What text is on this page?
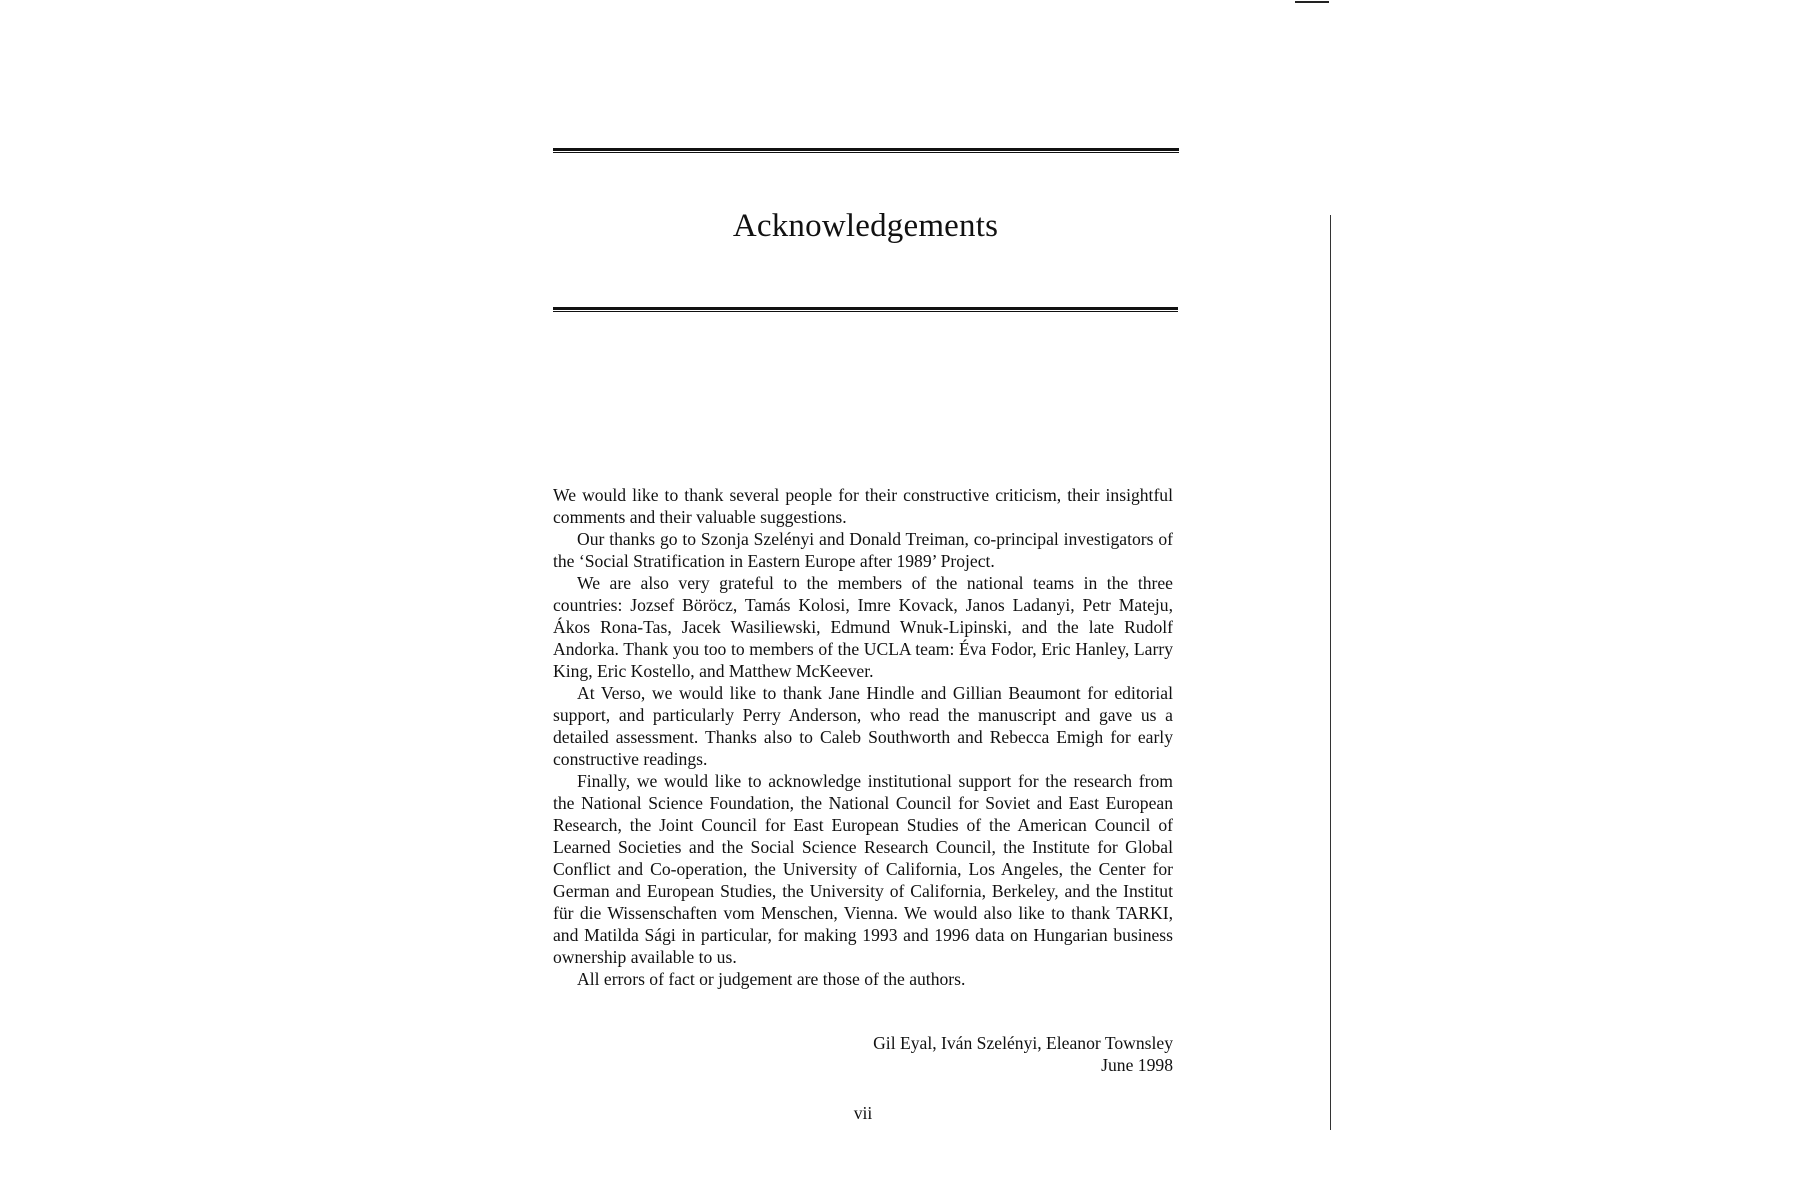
Acknowledgements

We would like to thank several people for their constructive criticism, their insightful comments and their valuable suggestions.

Our thanks go to Szonja Szelényi and Donald Treiman, co-principal investigators of the ‘Social Stratification in Eastern Europe after 1989’ Project.

We are also very grateful to the members of the national teams in the three countries: Jozsef Böröcz, Tamás Kolosi, Imre Kovack, Janos Ladanyi, Petr Mateju, Ákos Rona-Tas, Jacek Wasiliewski, Edmund Wnuk-Lipinski, and the late Rudolf Andorka. Thank you too to members of the UCLA team: Éva Fodor, Eric Hanley, Larry King, Eric Kostello, and Matthew McKeever.

At Verso, we would like to thank Jane Hindle and Gillian Beaumont for editorial support, and particularly Perry Anderson, who read the manuscript and gave us a detailed assessment. Thanks also to Caleb Southworth and Rebecca Emigh for early constructive readings.

Finally, we would like to acknowledge institutional support for the research from the National Science Foundation, the National Council for Soviet and East European Research, the Joint Council for East European Studies of the American Council of Learned Societies and the Social Science Research Council, the Institute for Global Conflict and Co-operation, the University of California, Los Angeles, the Center for German and European Studies, the University of California, Berkeley, and the Institut für die Wissenschaften vom Menschen, Vienna. We would also like to thank TARKI, and Matilda Sági in particular, for making 1993 and 1996 data on Hungarian business ownership available to us.

All errors of fact or judgement are those of the authors.

Gil Eyal, Iván Szelényi, Eleanor Townsley
June 1998
vii
